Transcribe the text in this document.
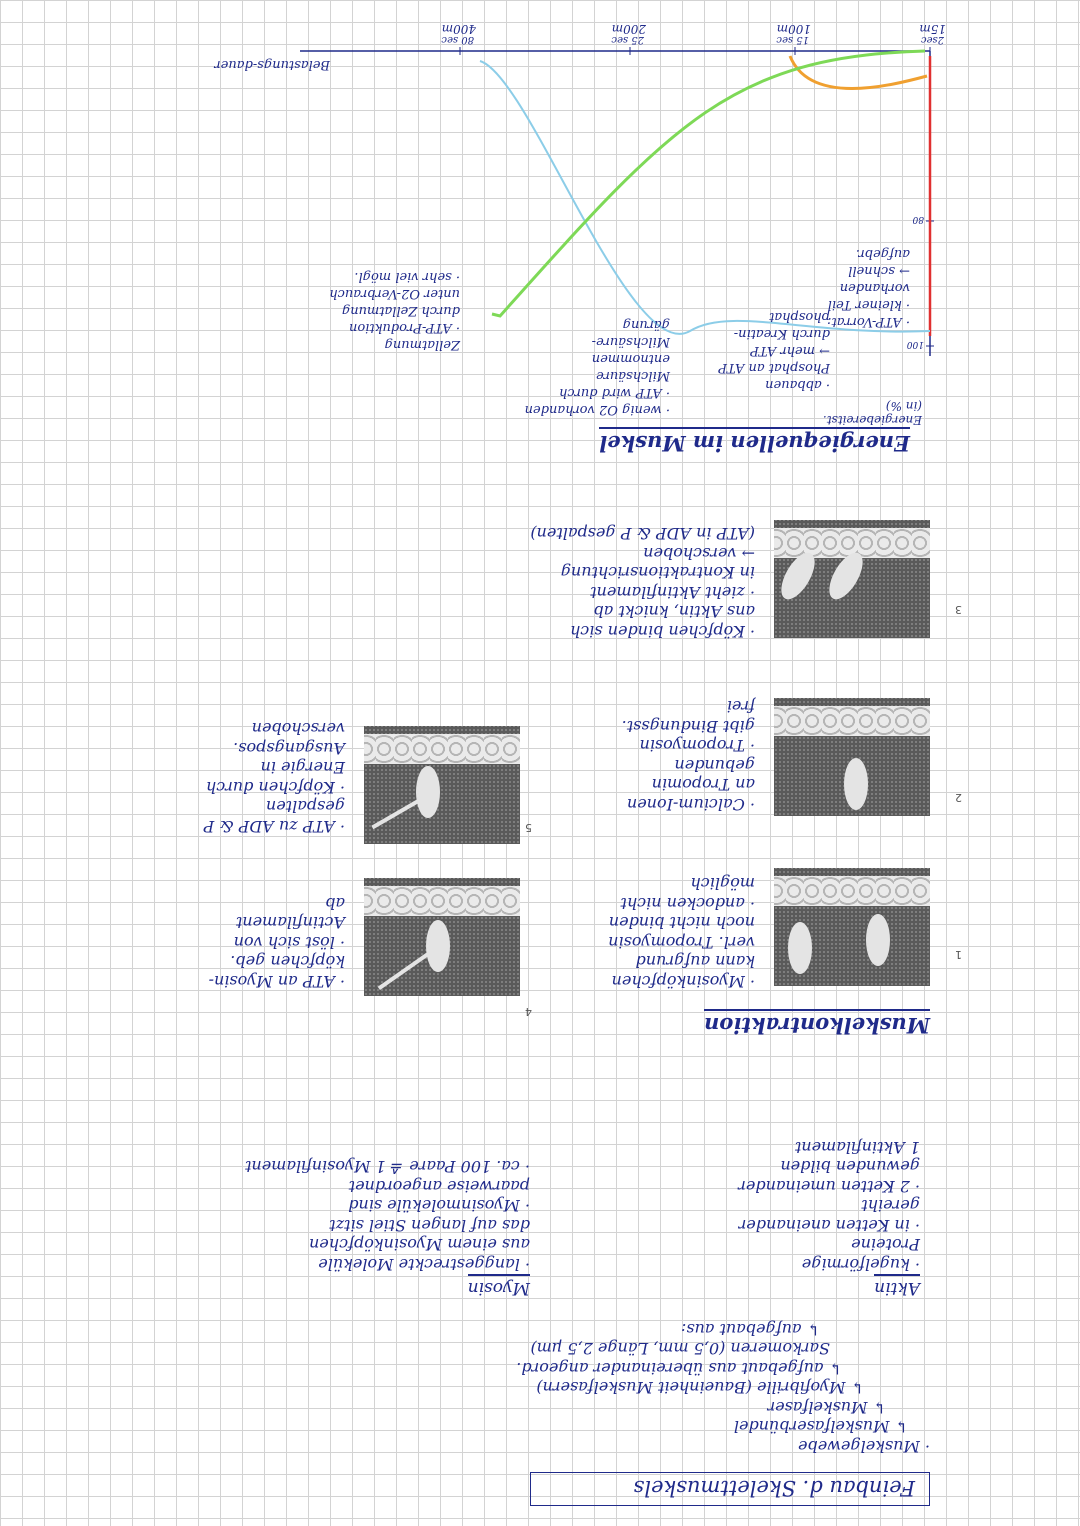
Feinbau d. Skelettmuskels
· Muskelgewebe
↳ Muskelfaserbündel
↳ Muskelfaser
↳ Myofibrille (Baueinheit Muskelfasern)
↳ aufgebaut aus übereinander angeord.
Sarkomeren (0,5 mm, Länge 2,5 µm)
↳ aufgebaut aus:
Aktin
· kugelförmige
Proteine
· in Ketten aneinander
gereiht
· 2 Ketten umeinander
gewunden bilden
1 Aktinfilament
Myosin
· langgestreckte Moleküle
aus einem Myosinköpfchen
das auf langen Stiel sitzt
· Myosinmoleküle sind
paarweise angeordnet
· ca. 100 Paare ≙ 1 Myosinfilament
Muskelkontraktion
1
2
3
4
5
· Myosinköpfchen
kann aufgrund
verl. Tropomyosin
noch nicht binden
· andocken nicht
möglich
· ATP an Myosin-
köpfchen geb.
· löst sich von
Actinfilament
ab
· Calcium-Ionen
an Tropomin
gebunden
· Tropomyosin
gibt Bindungsst.
frei
· ATP zu ADP & P
gespalten
· Köpfchen durch
Energie in
Ausgangspos.
verschoben
· Köpfchen binden sich
ans Aktin, knickt ab
· zieht Aktinfilament
in Kontraktionsrichtung
→ verschoben
(ATP in ADP & P gespalten)
Energiequellen im Muskel
100
80
Energiebereitst.
(in %)
2sec
15m
15 sec
100m
25 sec
200m
80 sec
400m
Belastungs-dauer
· ATP-Vorrat:
· kleiner Teil
vorhanden
→ schnell
aufgebr.
· abbauen
Phosphat an ATP
→ mehr ATP
durch Kreatin-
phosphat
· wenig O2 vorhanden
· ATP wird durch
Milchsäure
entnommen
Milchsäure-
gärung
Zellatmung
· ATP-Produktion
durch Zellatmung
unter O2-Verbrauch
· sehr viel mögl.
